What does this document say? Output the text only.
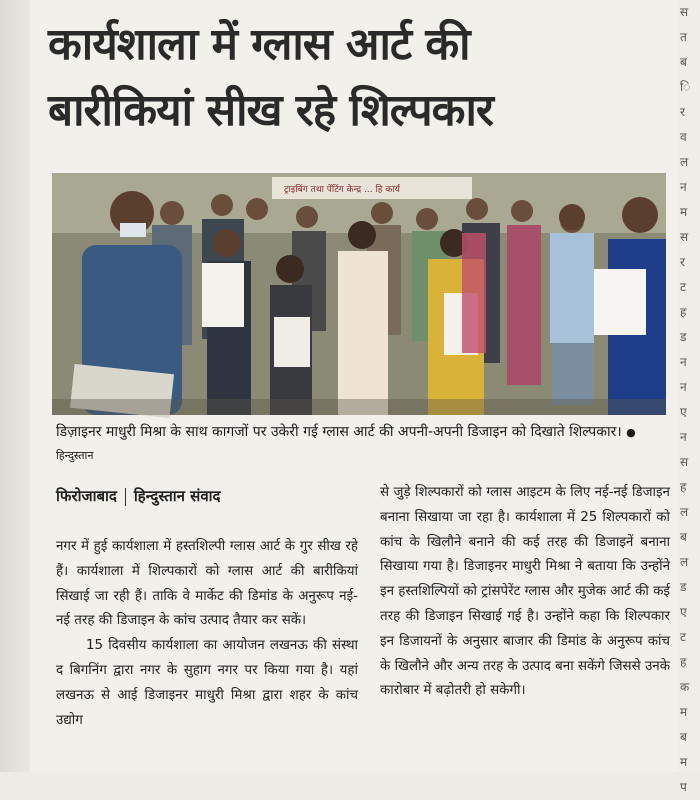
कार्यशाला में ग्लास आर्ट की
बारीकियां सीख रहे शिल्पकार
ट्राइबिंग तथा पेंटिंग केन्द्र ... हि कार्य
डिज़ाइनर माधुरी मिश्रा के साथ कागजों पर उकेरी गई ग्लास आर्ट की अपनी-अपनी डिजाइन को दिखाते शिल्पकार। ● हिन्दुस्तान
फिरोजाबाद हिन्दुस्तान संवाद

नगर में हुई कार्यशाला में हस्तशिल्पी ग्लास आर्ट के गुर सीख रहे हैं। कार्यशाला में शिल्पकारों को ग्लास आर्ट की बारीकियां सिखाई जा रही हैं। ताकि वे मार्केट की डिमांड के अनुरूप नई-नई तरह की डिजाइन के कांच उत्पाद तैयार कर सकें।

15 दिवसीय कार्यशाला का आयोजन लखनऊ की संस्था द बिगनिंग द्वारा नगर के सुहाग नगर पर किया गया है। यहां लखनऊ से आई डिजाइनर माधुरी मिश्रा द्वारा शहर के कांच उद्योग

से जुड़े शिल्पकारों को ग्लास आइटम के लिए नई-नई डिजाइन बनाना सिखाया जा रहा है। कार्यशाला में 25 शिल्पकारों को कांच के खिलौने बनाने की कई तरह की डिजाइनें बनाना सिखाया गया है। डिजाइनर माधुरी मिश्रा ने बताया कि उन्होंने इन हस्तशिल्पियों को ट्रांसपेरेंट ग्लास और मुजेक आर्ट की कई तरह की डिजाइन सिखाई गई है। उन्होंने कहा कि शिल्पकार इन डिजायनों के अनुसार बाजार की डिमांड के अनुरूप कांच के खिलौने और अन्य तरह के उत्पाद बना सकेंगे जिससे उनके कारोबार में बढ़ोतरी हो सकेगी।

स
त
ब
ि
र
व
ल
न
म
स
र
ट
ह
ड
न
न
ए
न
स
ह
ल
ब
ल
ड
ए
ट
ह
क
म
ब
म
प
